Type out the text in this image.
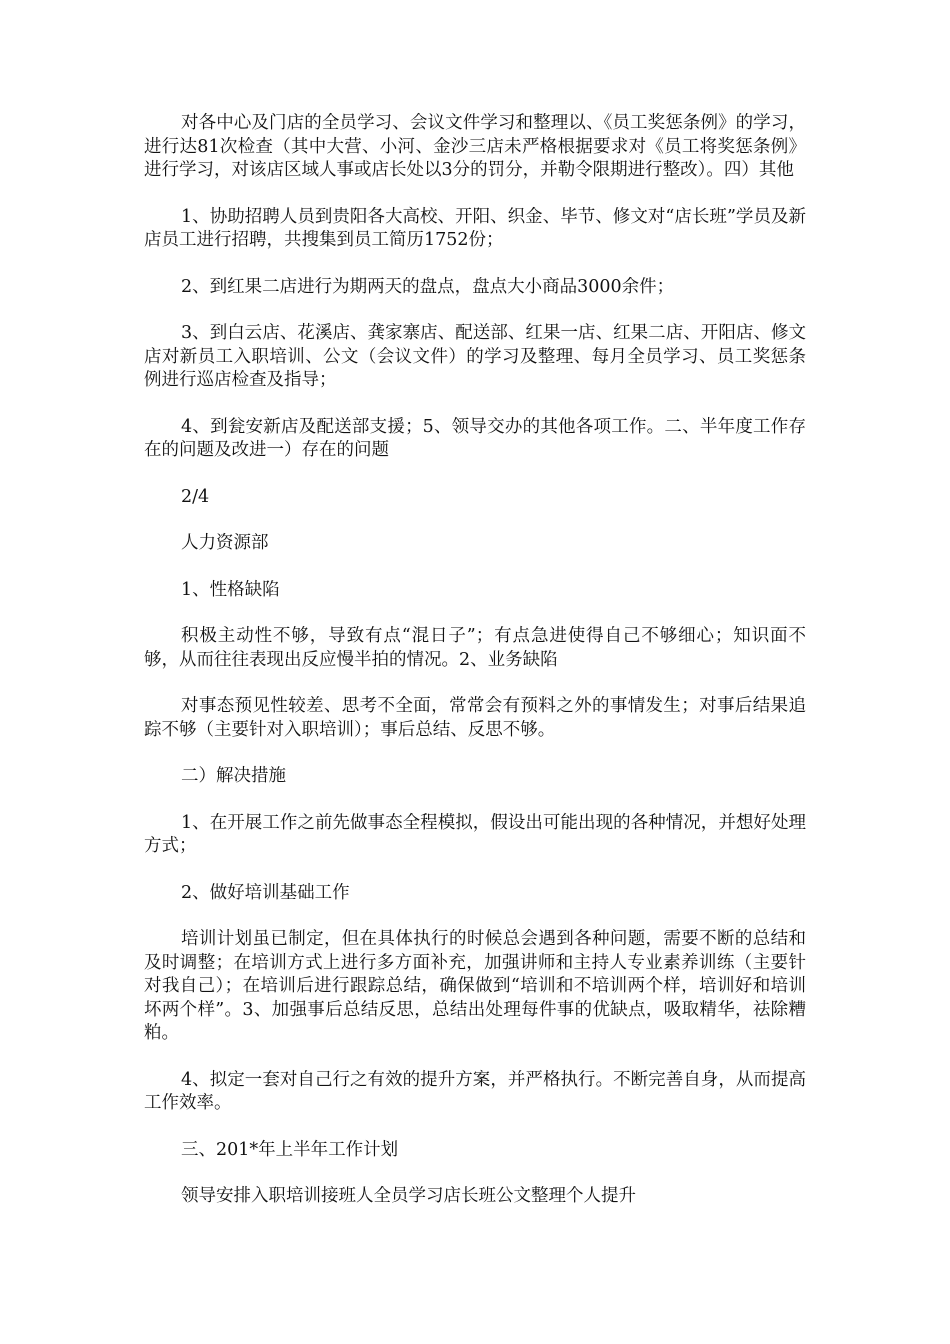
对各中心及门店的全员学习、会议文件学习和整理以、《员工奖惩条例》的学习，进行达81次检查（其中大营、小河、金沙三店未严格根据要求对《员工将奖惩条例》进行学习，对该店区域人事或店长处以3分的罚分，并勒令限期进行整改）。四）其他

1、协助招聘人员到贵阳各大高校、开阳、织金、毕节、修文对“店长班”学员及新店员工进行招聘，共搜集到员工简历1752份；

2、到红果二店进行为期两天的盘点，盘点大小商品3000余件；

3、到白云店、花溪店、龚家寨店、配送部、红果一店、红果二店、开阳店、修文店对新员工入职培训、公文（会议文件）的学习及整理、每月全员学习、员工奖惩条例进行巡店检查及指导；

4、到瓮安新店及配送部支援；5、领导交办的其他各项工作。二、半年度工作存在的问题及改进一）存在的问题

2/4

人力资源部

1、性格缺陷

积极主动性不够，导致有点“混日子”；有点急进使得自己不够细心；知识面不够，从而往往表现出反应慢半拍的情况。2、业务缺陷

对事态预见性较差、思考不全面，常常会有预料之外的事情发生；对事后结果追踪不够（主要针对入职培训）；事后总结、反思不够。

二）解决措施

1、在开展工作之前先做事态全程模拟，假设出可能出现的各种情况，并想好处理方式；

2、做好培训基础工作

培训计划虽已制定，但在具体执行的时候总会遇到各种问题，需要不断的总结和及时调整；在培训方式上进行多方面补充，加强讲师和主持人专业素养训练（主要针对我自己）；在培训后进行跟踪总结，确保做到“培训和不培训两个样，培训好和培训坏两个样”。3、加强事后总结反思，总结出处理每件事的优缺点，吸取精华，祛除糟粕。

4、拟定一套对自己行之有效的提升方案，并严格执行。不断完善自身，从而提高工作效率。

三、201*年上半年工作计划

领导安排入职培训接班人全员学习店长班公文整理个人提升
